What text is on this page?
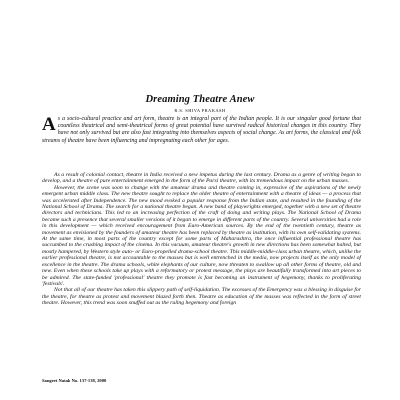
Dreaming Theatre Anew
R.S. SHIVA PRAKASH

A s a socio-cultural practice and art form, theatre is an integral part of the Indian people. It is our singular good fortune that countless theatrical and semi-theatrical forms of great potential have survived radical historical changes in this country. They have not only survived but are also fast integrating into themselves aspects of social change. As art forms, the classical and folk streams of theatre have been influencing and impregnating each other for ages.

As a result of colonial contact, theatre in India received a new impetus during the last century. Drama as a genre of writing began to develop, and a theatre of pure entertainment emerged in the form of the Parsi theatre, with its tremendous impact on the urban masses.

However, the scene was soon to change with the amateur drama and theatre coming in, expressive of the aspirations of the newly emergent urban middle class. The new theatre sought to replace the older theatre of entertainment with a theatre of ideas — a process that was accelerated after Independence. The new mood evoked a popular response from the Indian state, and resulted in the founding of the National School of Drama. The search for a national theatre began. A new band of playwrights emerged, together with a new set of theatre directors and technicians. This led to an increasing perfection of the craft of doing and writing plays. The National School of Drama became such a presence that several smaller versions of it began to emerge in different parts of the country. Several universities had a role in this development — which received encouragement from Euro-American sources. By the end of the twentieth century, theatre as movement as envisioned by the founders of amateur theatre has been replaced by theatre as institution, with its own self-validating systems. At the same time, in most parts of the country except for some parts of Maharashtra, the once influential professional theatre has succumbed to the crushing impact of the cinema. In this vacuum, amateur theatre's growth in new directions has been somewhat halted, but mostly hampered, by Western style auto- or Euro-propelled drama-school theatre. This middle-middle-class urban theatre, which, unlike the earlier professional theatre, is not accountable to the masses but is well entrenched in the media, now projects itself as the only model of excellence in the theatre. The drama schools, white elephants of our culture, now threaten to swallow up all other forms of theatre, old and new. Even when these schools take up plays with a reformatory or protest message, the plays are beautifully transformed into art pieces to be admired. The state-funded 'professional' theatre they promote is fast becoming an instrument of hegemony, thanks to proliferating 'festivals'.

Not that all of our theatre has taken this slippery path of self-liquidation. The excesses of the Emergency was a blessing in disguise for the theatre, for theatre as protest and movement blazed forth then. Theatre as education of the masses was reflected in the form of street theatre. However, this trend was soon snuffed out as the ruling hegemony and foreign

Sangeet Natak No. 137-138, 2000
